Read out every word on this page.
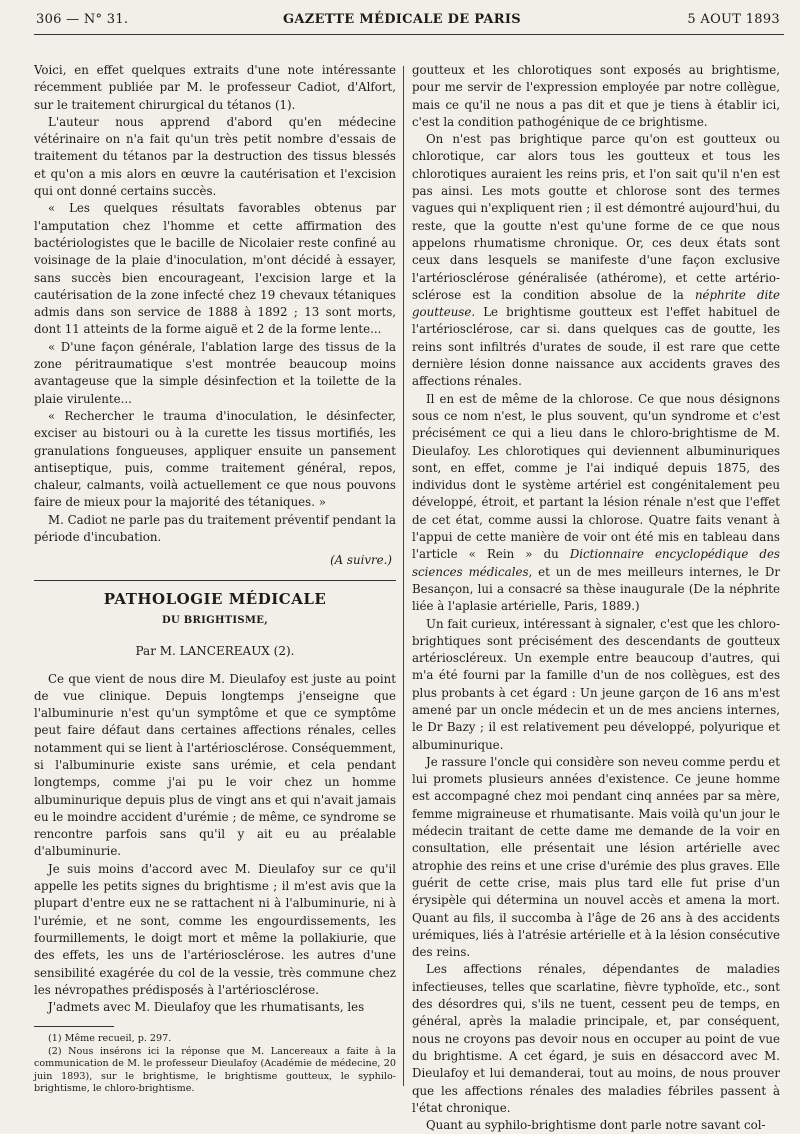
306 — N° 31.	GAZETTE MÉDICALE DE PARIS	5 AOUT 1893

Voici, en effet quelques extraits d'une note intéressante récemment publiée par M. le professeur Cadiot, d'Alfort, sur le traitement chirurgical du tétanos (1).

L'auteur nous apprend d'abord qu'en médecine vétérinaire on n'a fait qu'un très petit nombre d'essais de traitement du tétanos par la destruction des tissus blessés et qu'on a mis alors en œuvre la cautérisation et l'excision qui ont donné certains succès.

« Les quelques résultats favorables obtenus par l'amputation chez l'homme et cette affirmation des bactériologistes que le bacille de Nicolaier reste confiné au voisinage de la plaie d'inoculation, m'ont décidé à essayer, sans succès bien encourageant, l'excision large et la cautérisation de la zone infecté chez 19 chevaux tétaniques admis dans son service de 1888 à 1892 ; 13 sont morts, dont 11 atteints de la forme aiguë et 2 de la forme lente...

« D'une façon générale, l'ablation large des tissus de la zone péritraumatique s'est montrée beaucoup moins avantageuse que la simple désinfection et la toilette de la plaie virulente...

« Rechercher le trauma d'inoculation, le désinfecter, exciser au bistouri ou à la curette les tissus mortifiés, les granulations fongueuses, appliquer ensuite un pansement antiseptique, puis, comme traitement général, repos, chaleur, calmants, voilà actuellement ce que nous pouvons faire de mieux pour la majorité des tétaniques. »

M. Cadiot ne parle pas du traitement préventif pendant la période d'incubation.

(A suivre.)

PATHOLOGIE MÉDICALE
DU BRIGHTISME,
Par M. LANCEREAUX (2).

Ce que vient de nous dire M. Dieulafoy est juste au point de vue clinique. Depuis longtemps j'enseigne que l'albuminurie n'est qu'un symptôme et que ce symptôme peut faire défaut dans certaines affections rénales, celles notamment qui se lient à l'artériosclérose. Conséquemment, si l'albuminurie existe sans urémie, et cela pendant longtemps, comme j'ai pu le voir chez un homme albuminurique depuis plus de vingt ans et qui n'avait jamais eu le moindre accident d'urémie ; de même, ce syndrome se rencontre parfois sans qu'il y ait eu au préalable d'albuminurie.

Je suis moins d'accord avec M. Dieulafoy sur ce qu'il appelle les petits signes du brightisme ; il m'est avis que la plupart d'entre eux ne se rattachent ni à l'albuminurie, ni à l'urémie, et ne sont, comme les engourdissements, les fourmillements, le doigt mort et même la pollakiurie, que des effets, les uns de l'artériosclérose. les autres d'une sensibilité exagérée du col de la vessie, très commune chez les névropathes prédisposés à l'artériosclérose.

J'admets avec M. Dieulafoy que les rhumatisants, les

(1) Même recueil, p. 297.

(2) Nous insérons ici la réponse que M. Lancereaux a faite à la communication de M. le professeur Dieulafoy (Académie de médecine, 20 juin 1893), sur le brightisme, le brightisme goutteux, le syphilo-brightisme, le chloro-brightisme.

goutteux et les chlorotiques sont exposés au brightisme, pour me servir de l'expression employée par notre collègue, mais ce qu'il ne nous a pas dit et que je tiens à établir ici, c'est la condition pathogénique de ce brightisme.

On n'est pas brightique parce qu'on est goutteux ou chlorotique, car alors tous les goutteux et tous les chlorotiques auraient les reins pris, et l'on sait qu'il n'en est pas ainsi. Les mots goutte et chlorose sont des termes vagues qui n'expliquent rien ; il est démontré aujourd'hui, du reste, que la goutte n'est qu'une forme de ce que nous appelons rhumatisme chronique. Or, ces deux états sont ceux dans lesquels se manifeste d'une façon exclusive l'artériosclérose généralisée (athérome), et cette artério-sclérose est la condition absolue de la néphrite dite goutteuse. Le brightisme goutteux est l'effet habituel de l'artériosclérose, car si. dans quelques cas de goutte, les reins sont infiltrés d'urates de soude, il est rare que cette dernière lésion donne naissance aux accidents graves des affections rénales.

Il en est de même de la chlorose. Ce que nous désignons sous ce nom n'est, le plus souvent, qu'un syndrome et c'est précisément ce qui a lieu dans le chloro-brightisme de M. Dieulafoy. Les chlorotiques qui deviennent albuminuriques sont, en effet, comme je l'ai indiqué depuis 1875, des individus dont le système artériel est congénitalement peu développé, étroit, et partant la lésion rénale n'est que l'effet de cet état, comme aussi la chlorose. Quatre faits venant à l'appui de cette manière de voir ont été mis en tableau dans l'article « Rein » du Dictionnaire encyclopédique des sciences médicales, et un de mes meilleurs internes, le Dr Besançon, lui a consacré sa thèse inaugurale (De la néphrite liée à l'aplasie artérielle, Paris, 1889.)

Un fait curieux, intéressant à signaler, c'est que les chloro-brightiques sont précisément des descendants de goutteux artérioscléreux. Un exemple entre beaucoup d'autres, qui m'a été fourni par la famille d'un de nos collègues, est des plus probants à cet égard : Un jeune garçon de 16 ans m'est amené par un oncle médecin et un de mes anciens internes, le Dr Bazy ; il est relativement peu développé, polyurique et albuminurique.

Je rassure l'oncle qui considère son neveu comme perdu et lui promets plusieurs années d'existence. Ce jeune homme est accompagné chez moi pendant cinq années par sa mère, femme migraineuse et rhumatisante. Mais voilà qu'un jour le médecin traitant de cette dame me demande de la voir en consultation, elle présentait une lésion artérielle avec atrophie des reins et une crise d'urémie des plus graves. Elle guérit de cette crise, mais plus tard elle fut prise d'un érysipèle qui détermina un nouvel accès et amena la mort. Quant au fils, il succomba à l'âge de 26 ans à des accidents urémiques, liés à l'atrésie artérielle et à la lésion consécutive des reins.

Les affections rénales, dépendantes de maladies infectieuses, telles que scarlatine, fièvre typhoïde, etc., sont des désordres qui, s'ils ne tuent, cessent peu de temps, en général, après la maladie principale, et, par conséquent, nous ne croyons pas devoir nous en occuper au point de vue du brightisme. A cet égard, je suis en désaccord avec M. Dieulafoy et lui demanderai, tout au moins, de nous prouver que les affections rénales des maladies fébriles passent à l'état chronique.

Quant au syphilo-brightisme dont parle notre savant col-
